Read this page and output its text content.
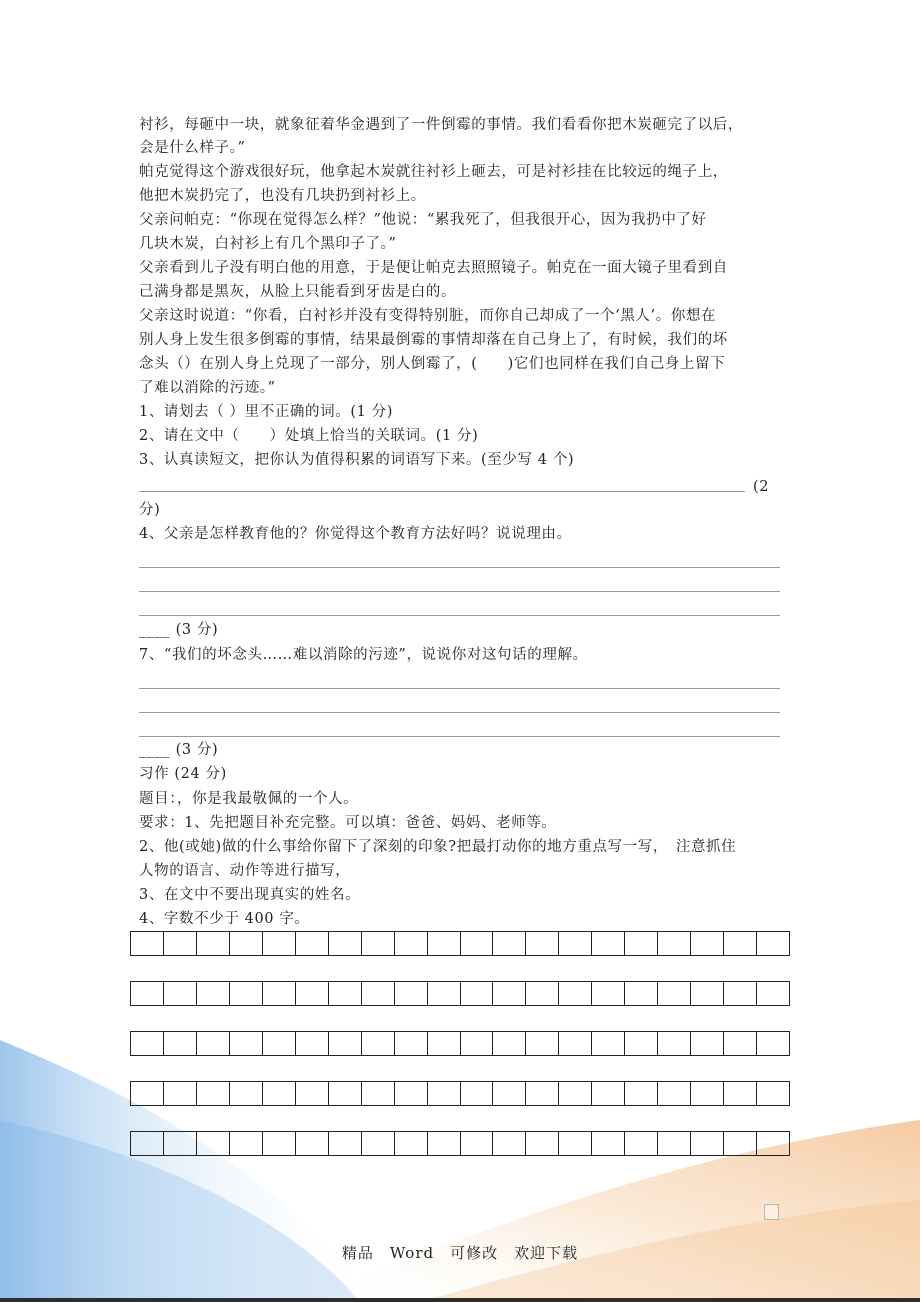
衬衫，每砸中一块，就象征着华金遇到了一件倒霉的事情。我们看看你把木炭砸完了以后，
会是什么样子。”
帕克觉得这个游戏很好玩，他拿起木炭就往衬衫上砸去，可是衬衫挂在比较远的绳子上，
他把木炭扔完了，也没有几块扔到衬衫上。
父亲问帕克：“你现在觉得怎么样？”他说：“累我死了，但我很开心，因为我扔中了好
几块木炭，白衬衫上有几个黑印子了。”
父亲看到儿子没有明白他的用意，于是便让帕克去照照镜子。帕克在一面大镜子里看到自
己满身都是黑灰，从脸上只能看到牙齿是白的。
父亲这时说道：“你看，白衬衫并没有变得特别脏，而你自己却成了一个‘黑人’。你想在
别人身上发生很多倒霉的事情，结果最倒霉的事情却落在自己身上了，有时候，我们的坏
念头（）在别人身上兑现了一部分，别人倒霉了，(　　)它们也同样在我们自己身上留下
了难以消除的污迹。”
1、请划去（ ）里不正确的词。(1 分)
2、请在文中（　　）处填上恰当的关联词。(1 分)
3、认真读短文，把你认为值得积累的词语写下来。(至少写 4 个)
(2
分)
4、父亲是怎样教育他的？你觉得这个教育方法好吗？说说理由。
____ (3 分)
7、“我们的坏念头……难以消除的污迹”，说说你对这句话的理解。
____ (3 分)
习作 (24 分)
题目：，你是我最敬佩的一个人。
要求：1、先把题目补充完整。可以填：爸爸、妈妈、老师等。
2、他(或她)做的什么事给你留下了深刻的印象?把最打动你的地方重点写一写，　注意抓住
人物的语言、动作等进行描写，
3、在文中不要出现真实的姓名。
4、字数不少于 400 字。
精品　Word　可修改　欢迎下载
